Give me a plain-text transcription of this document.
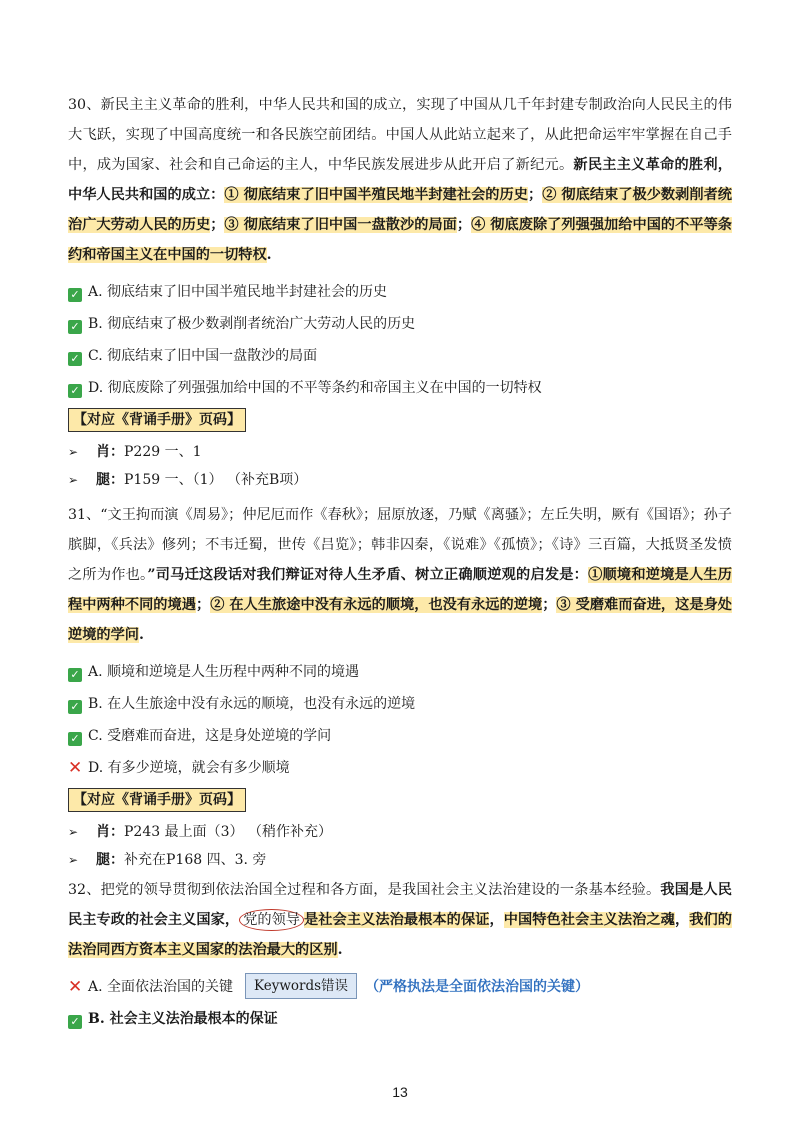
30、新民主主义革命的胜利，中华人民共和国的成立，实现了中国从几千年封建专制政治向人民民主的伟大飞跃，实现了中国高度统一和各民族空前团结。中国人从此站立起来了，从此把命运牢牢掌握在自己手中，成为国家、社会和自己命运的主人，中华民族发展进步从此开启了新纪元。新民主主义革命的胜利，中华人民共和国的成立：① 彻底结束了旧中国半殖民地半封建社会的历史；② 彻底结束了极少数剥削者统治广大劳动人民的历史；③ 彻底结束了旧中国一盘散沙的局面；④ 彻底废除了列强强加给中国的不平等条约和帝国主义在中国的一切特权.

✓ A. 彻底结束了旧中国半殖民地半封建社会的历史
✓ B. 彻底结束了极少数剥削者统治广大劳动人民的历史
✓ C. 彻底结束了旧中国一盘散沙的局面
✓ D. 彻底废除了列强强加给中国的不平等条约和帝国主义在中国的一切特权
【对应《背诵手册》页码】
➢ 肖：P229 一、1
➢ 腿：P159 一、（1） （补充B项）

31、“文王拘而演《周易》；仲尼厄而作《春秋》；屈原放逐，乃赋《离骚》；左丘失明，厥有《国语》；孙子膑脚，《兵法》修列；不韦迁蜀，世传《吕览》；韩非囚秦，《说难》《孤愤》；《诗》三百篇，大抵贤圣发愤之所为作也。”司马迁这段话对我们辩证对待人生矛盾、树立正确顺逆观的启发是：①顺境和逆境是人生历程中两种不同的境遇；② 在人生旅途中没有永远的顺境，也没有永远的逆境；③ 受磨难而奋进，这是身处逆境的学问.

✓ A. 顺境和逆境是人生历程中两种不同的境遇
✓ B. 在人生旅途中没有永远的顺境，也没有永远的逆境
✓ C. 受磨难而奋进，这是身处逆境的学问
✕ D. 有多少逆境，就会有多少顺境
【对应《背诵手册》页码】
➢ 肖：P243 最上面（3） （稍作补充）
➢ 腿：补充在P168 四、3. 旁

32、把党的领导贯彻到依法治国全过程和各方面，是我国社会主义法治建设的一条基本经验。我国是人民民主专政的社会主义国家， 党的领导 是社会主义法治最根本的保证，中国特色社会主义法治之魂，我们的法治同西方资本主义国家的法治最大的区别.

✕ A. 全面依法治国的关键 Keywords错误 （严格执法是全面依法治国的关键）
✓ B. 社会主义法治最根本的保证
13
